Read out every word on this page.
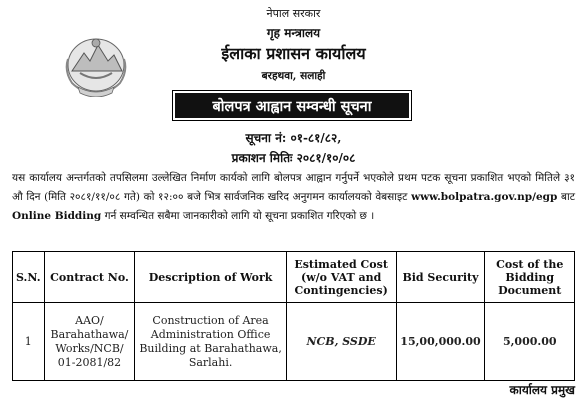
नेपाल सरकार
गृह मन्त्रालय
ईलाका प्रशासन कार्यालय
बरहथवा, सलाही
बोलपत्र आह्वान सम्वन्धी सूचना
सूचना नं: ०१-८१/८२,
प्रकाशन मितिः २०८१/१०/०८

यस कार्यालय अन्तर्गतको तपसिलमा उल्लेखित निर्माण कार्यको लागि बोलपत्र आह्वान गर्नुपर्ने भएकोले प्रथम पटक सूचना प्रकाशित भएको मितिले ३१ औ दिन (मिति २०८१/११/०८ गते) को १२:०० बजे भित्र सार्वजनिक खरिद अनुगमन कार्यालयको वेबसाइट www.bolpatra.gov.np/egp बाट Online Bidding गर्न सम्वन्धित सबैमा जानकारीको लागि यो सूचना प्रकाशित गरिएको छ ।

S.N.	Contract No.	Description of Work	Estimated Cost (w/o VAT and Contingencies)	Bid Security	Cost of the Bidding Document
1	AAO/ Barahathawa/ Works/NCB/ 01-2081/82	Construction of Area Administration Office Building at Barahathawa, Sarlahi.	NCB, SSDE	15,00,000.00	5,000.00
कार्यालय प्रमुख
